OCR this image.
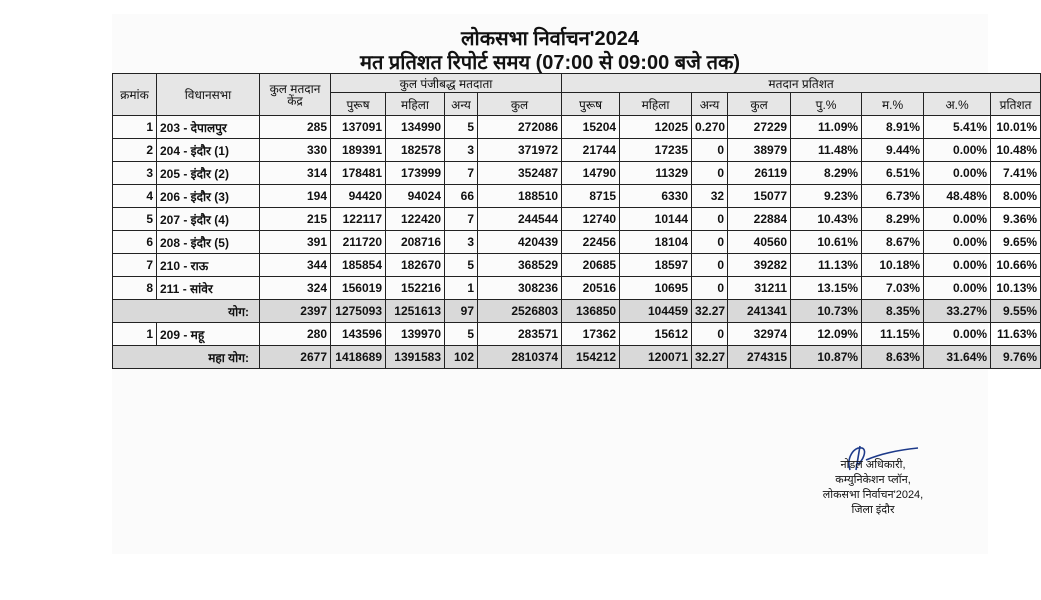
लोकसभा निर्वाचन'2024
मत प्रतिशत रिपोर्ट समय (07:00 से 09:00 बजे तक)
क्रमांक	विधानसभा	कुल मतदान केंद्र	कुल पंजीबद्ध मतदाता				मतदान प्रतिशत							
			पुरूष	महिला	अन्य	कुल	पुरूष	महिला	अन्य	कुल	पु.%	म.%	अ.%	प्रतिशत
1	203 - देपालपुर	285	137091	134990	5	272086	15204	12025	0.270	27229	11.09%	8.91%	5.41%	10.01%
2	204 - इंदौर (1)	330	189391	182578	3	371972	21744	17235	0	38979	11.48%	9.44%	0.00%	10.48%
3	205 - इंदौर (2)	314	178481	173999	7	352487	14790	11329	0	26119	8.29%	6.51%	0.00%	7.41%
4	206 - इंदौर (3)	194	94420	94024	66	188510	8715	6330	32	15077	9.23%	6.73%	48.48%	8.00%
5	207 - इंदौर (4)	215	122117	122420	7	244544	12740	10144	0	22884	10.43%	8.29%	0.00%	9.36%
6	208 - इंदौर (5)	391	211720	208716	3	420439	22456	18104	0	40560	10.61%	8.67%	0.00%	9.65%
7	210 - राऊ	344	185854	182670	5	368529	20685	18597	0	39282	11.13%	10.18%	0.00%	10.66%
8	211 - सांवेर	324	156019	152216	1	308236	20516	10695	0	31211	13.15%	7.03%	0.00%	10.13%
योग:		2397	1275093	1251613	97	2526803	136850	104459	32.27	241341	10.73%	8.35%	33.27%	9.55%
1	209 - महू	280	143596	139970	5	283571	17362	15612	0	32974	12.09%	11.15%	0.00%	11.63%
महा योग:		2677	1418689	1391583	102	2810374	154212	120071	32.27	274315	10.87%	8.63%	31.64%	9.76%
नोडल अधिकारी,
कम्युनिकेशन प्लॉन,
लोकसभा निर्वाचन'2024,
जिला इंदौर
